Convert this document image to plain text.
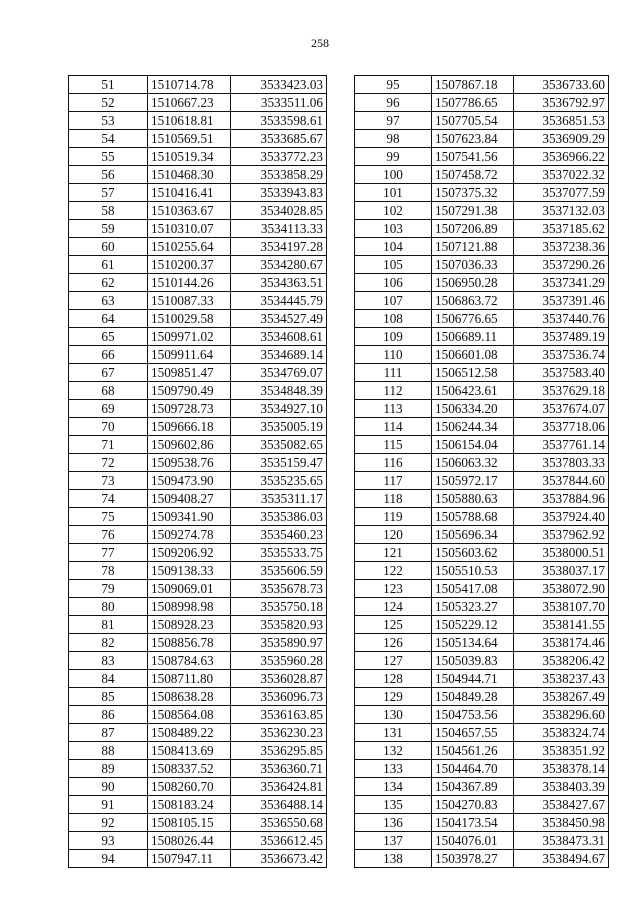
258
51	1510714.78	3533423.03
52	1510667.23	3533511.06
53	1510618.81	3533598.61
54	1510569.51	3533685.67
55	1510519.34	3533772.23
56	1510468.30	3533858.29
57	1510416.41	3533943.83
58	1510363.67	3534028.85
59	1510310.07	3534113.33
60	1510255.64	3534197.28
61	1510200.37	3534280.67
62	1510144.26	3534363.51
63	1510087.33	3534445.79
64	1510029.58	3534527.49
65	1509971.02	3534608.61
66	1509911.64	3534689.14
67	1509851.47	3534769.07
68	1509790.49	3534848.39
69	1509728.73	3534927.10
70	1509666.18	3535005.19
71	1509602.86	3535082.65
72	1509538.76	3535159.47
73	1509473.90	3535235.65
74	1509408.27	3535311.17
75	1509341.90	3535386.03
76	1509274.78	3535460.23
77	1509206.92	3535533.75
78	1509138.33	3535606.59
79	1509069.01	3535678.73
80	1508998.98	3535750.18
81	1508928.23	3535820.93
82	1508856.78	3535890.97
83	1508784.63	3535960.28
84	1508711.80	3536028.87
85	1508638.28	3536096.73
86	1508564.08	3536163.85
87	1508489.22	3536230.23
88	1508413.69	3536295.85
89	1508337.52	3536360.71
90	1508260.70	3536424.81
91	1508183.24	3536488.14
92	1508105.15	3536550.68
93	1508026.44	3536612.45
94	1507947.11	3536673.42
95	1507867.18	3536733.60
96	1507786.65	3536792.97
97	1507705.54	3536851.53
98	1507623.84	3536909.29
99	1507541.56	3536966.22
100	1507458.72	3537022.32
101	1507375.32	3537077.59
102	1507291.38	3537132.03
103	1507206.89	3537185.62
104	1507121.88	3537238.36
105	1507036.33	3537290.26
106	1506950.28	3537341.29
107	1506863.72	3537391.46
108	1506776.65	3537440.76
109	1506689.11	3537489.19
110	1506601.08	3537536.74
111	1506512.58	3537583.40
112	1506423.61	3537629.18
113	1506334.20	3537674.07
114	1506244.34	3537718.06
115	1506154.04	3537761.14
116	1506063.32	3537803.33
117	1505972.17	3537844.60
118	1505880.63	3537884.96
119	1505788.68	3537924.40
120	1505696.34	3537962.92
121	1505603.62	3538000.51
122	1505510.53	3538037.17
123	1505417.08	3538072.90
124	1505323.27	3538107.70
125	1505229.12	3538141.55
126	1505134.64	3538174.46
127	1505039.83	3538206.42
128	1504944.71	3538237.43
129	1504849.28	3538267.49
130	1504753.56	3538296.60
131	1504657.55	3538324.74
132	1504561.26	3538351.92
133	1504464.70	3538378.14
134	1504367.89	3538403.39
135	1504270.83	3538427.67
136	1504173.54	3538450.98
137	1504076.01	3538473.31
138	1503978.27	3538494.67
